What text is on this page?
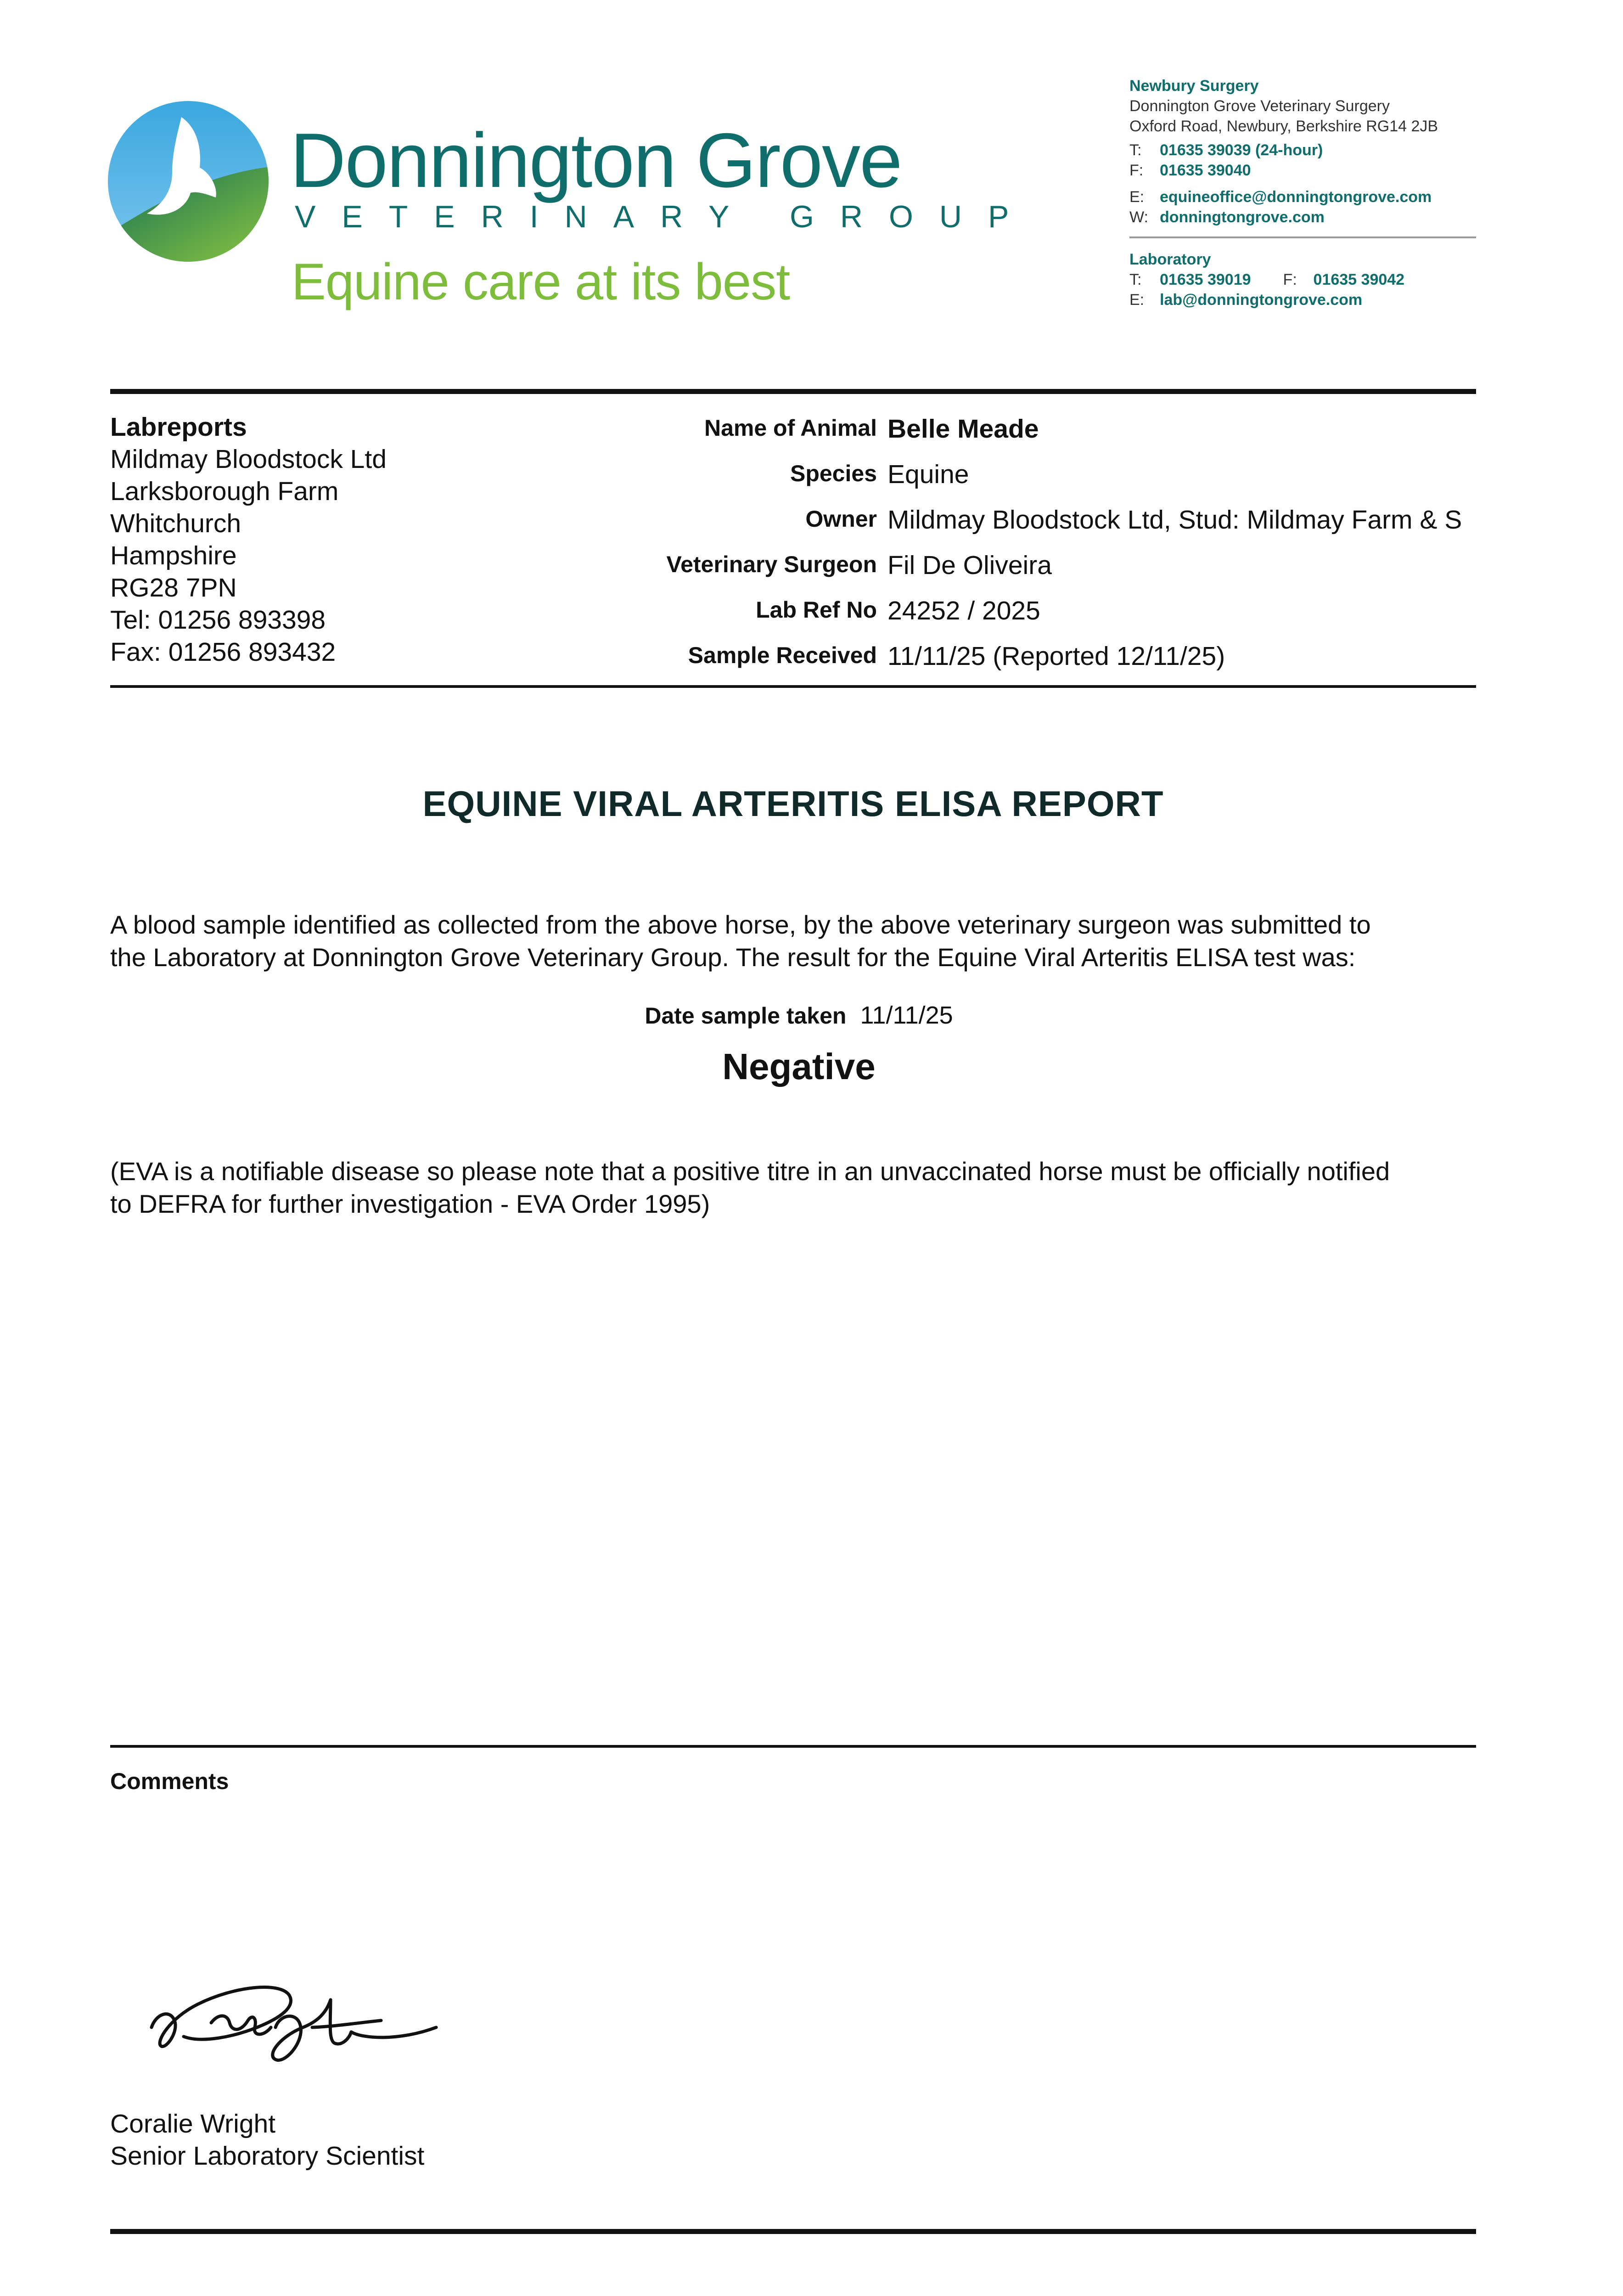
Donnington Grove
VETERINARY GROUP
Equine care at its best
Newbury Surgery
Donnington Grove Veterinary Surgery
Oxford Road, Newbury, Berkshire RG14 2JB
T: 01635 39039 (24-hour)
F: 01635 39040
E: equineoffice@donningtongrove.com
W: donningtongrove.com
Laboratory
T: 01635 39019 F: 01635 39042
E: lab@donningtongrove.com
Labreports
Mildmay Bloodstock Ltd
Larksborough Farm
Whitchurch
Hampshire
RG28 7PN
Tel: 01256 893398
Fax: 01256 893432
Name of Animal Belle Meade
Species Equine
Owner Mildmay Bloodstock Ltd, Stud: Mildmay Farm & S
Veterinary Surgeon Fil De Oliveira
Lab Ref No 24252 / 2025
Sample Received 11/11/25 (Reported 12/11/25)
EQUINE VIRAL ARTERITIS ELISA REPORT
A blood sample identified as collected from the above horse, by the above veterinary surgeon was submitted to
the Laboratory at Donnington Grove Veterinary Group. The result for the Equine Viral Arteritis ELISA test was:
Date sample taken 11/11/25
Negative
(EVA is a notifiable disease so please note that a positive titre in an unvaccinated horse must be officially notified
to DEFRA for further investigation - EVA Order 1995)
Comments
Coralie Wright
Senior Laboratory Scientist
